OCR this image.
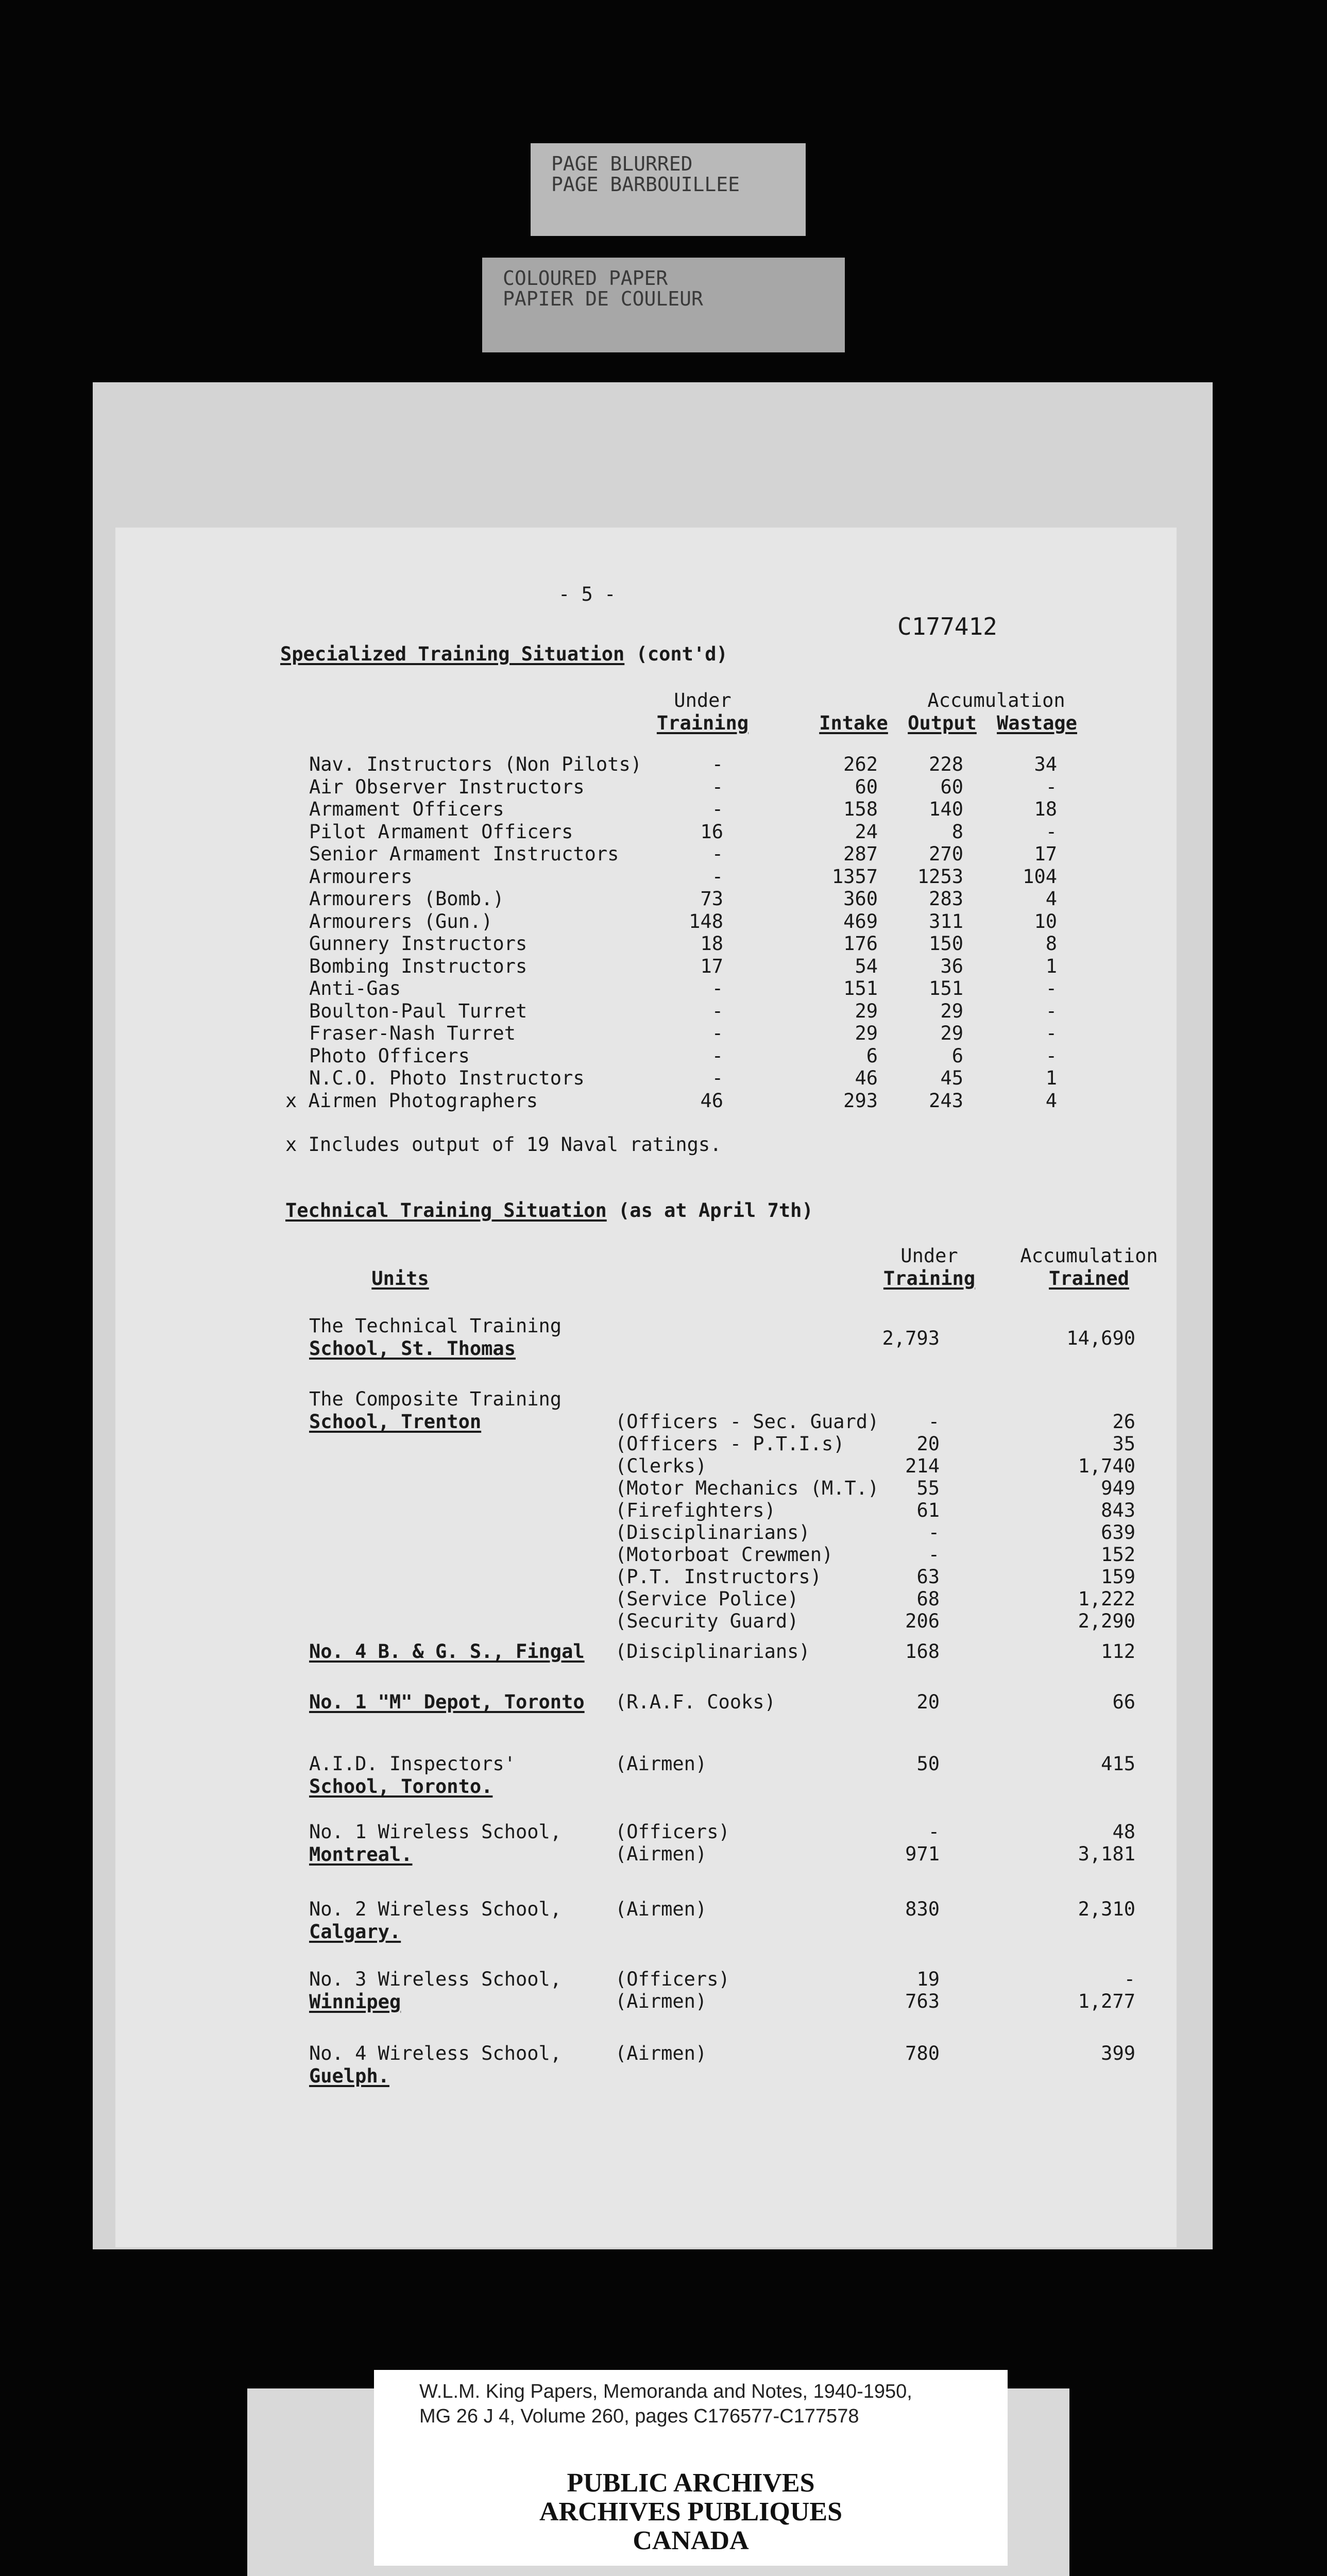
PAGE BLURRED
PAGE BARBOUILLEE
COLOURED PAPER
PAPIER DE COULEUR
- 5 -
C177412
Specialized Training Situation (cont'd)
Under
Training
Accumulation
Intake	Output	Wastage
Nav. Instructors (Non Pilots)	-	262	228	34
Air Observer Instructors	-	60	60	-
Armament Officers	-	158	140	18
Pilot Armament Officers	16	24	8	-
Senior Armament Instructors	-	287	270	17
Armourers	-	1357	1253	104
Armourers (Bomb.)	73	360	283	4
Armourers (Gun.)	148	469	311	10
Gunnery Instructors	18	176	150	8
Bombing Instructors	17	54	36	1
Anti-Gas	-	151	151	-
Boulton-Paul Turret	-	29	29	-
Fraser-Nash Turret	-	29	29	-
Photo Officers	-	6	6	-
N.C.O. Photo Instructors	-	46	45	1
x Airmen Photographers	46	293	243	4
x Includes output of 19 Naval ratings.
Technical Training Situation (as at April 7th)
Units
Under
Training
Accumulation
Trained
The Technical Training
School, St. Thomas	2,793	14,690
The Composite Training
School, Trenton	(Officers - Sec. Guard)	-	26
(Officers - P.T.I.s)	20	35
(Clerks)	214	1,740
(Motor Mechanics (M.T.)	55	949
(Firefighters)	61	843
(Disciplinarians)	-	639
(Motorboat Crewmen)	-	152
(P.T. Instructors)	63	159
(Service Police)	68	1,222
(Security Guard)	206	2,290
No. 4 B. & G. S., Fingal (Disciplinarians)	168	112
No. 1 "M" Depot, Toronto (R.A.F. Cooks)	20	66
A.I.D. Inspectors'
School, Toronto.
(Airmen)	50	415
No. 1 Wireless School,
Montreal.
(Officers)	-	48
(Airmen)	971	3,181
No. 2 Wireless School,
Calgary.
(Airmen)	830	2,310
No. 3 Wireless School,
Winnipeg
(Officers)	19	-
(Airmen)	763	1,277
No. 4 Wireless School,
Guelph.
(Airmen)	780	399
W.L.M. King Papers, Memoranda and Notes, 1940-1950,
MG 26 J 4, Volume 260, pages C176577-C177578
PUBLIC ARCHIVES
ARCHIVES PUBLIQUES
CANADA
